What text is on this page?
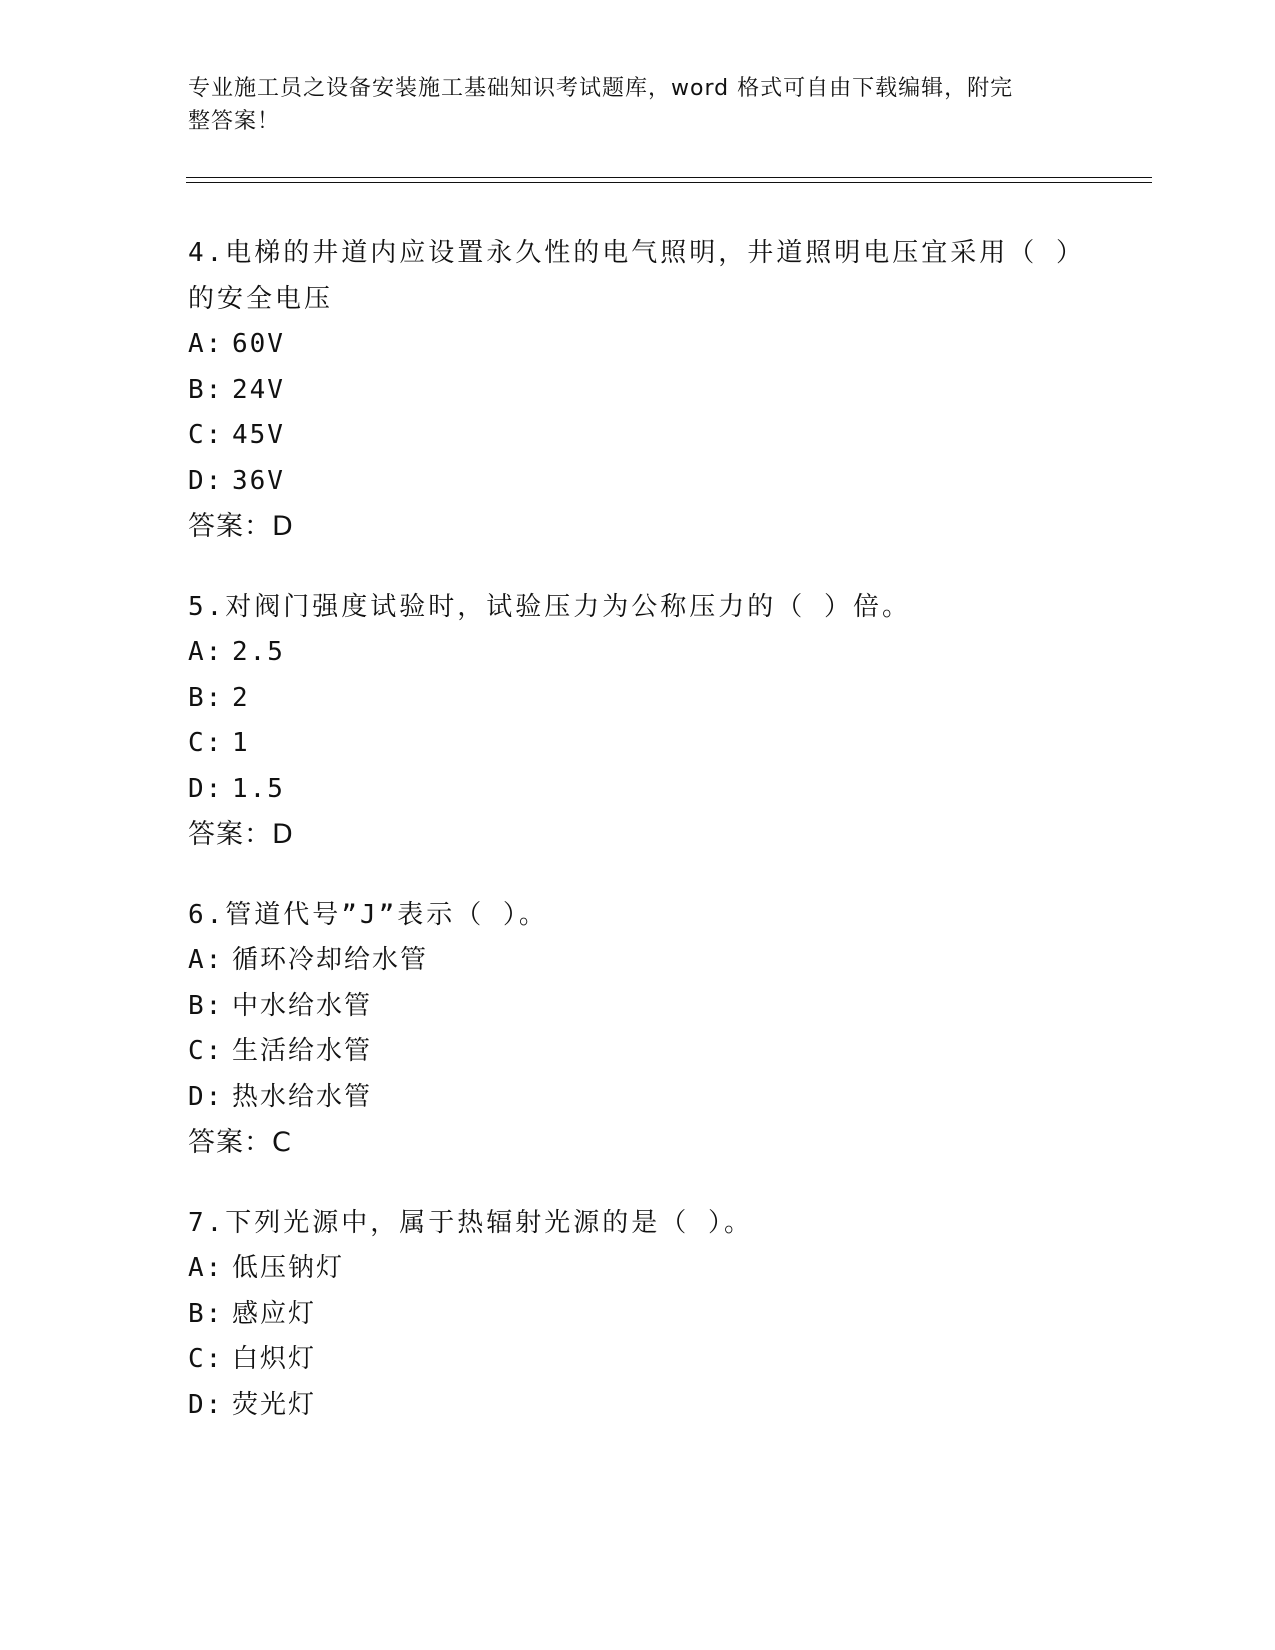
专业施工员之设备安装施工基础知识考试题库，word 格式可自由下载编辑，附完
整答案！
4.电梯的井道内应设置永久性的电气照明，井道照明电压宜采用（ ）
的安全电压
A: 60V
B: 24V
C: 45V
D: 36V
答案：D
5.对阀门强度试验时，试验压力为公称压力的（ ）倍。
A: 2.5
B: 2
C: 1
D: 1.5
答案：D
6.管道代号”J”表示（ ）。
A: 循环冷却给水管
B: 中水给水管
C: 生活给水管
D: 热水给水管
答案：C
7.下列光源中，属于热辐射光源的是（ ）。
A: 低压钠灯
B: 感应灯
C: 白炽灯
D: 荧光灯
